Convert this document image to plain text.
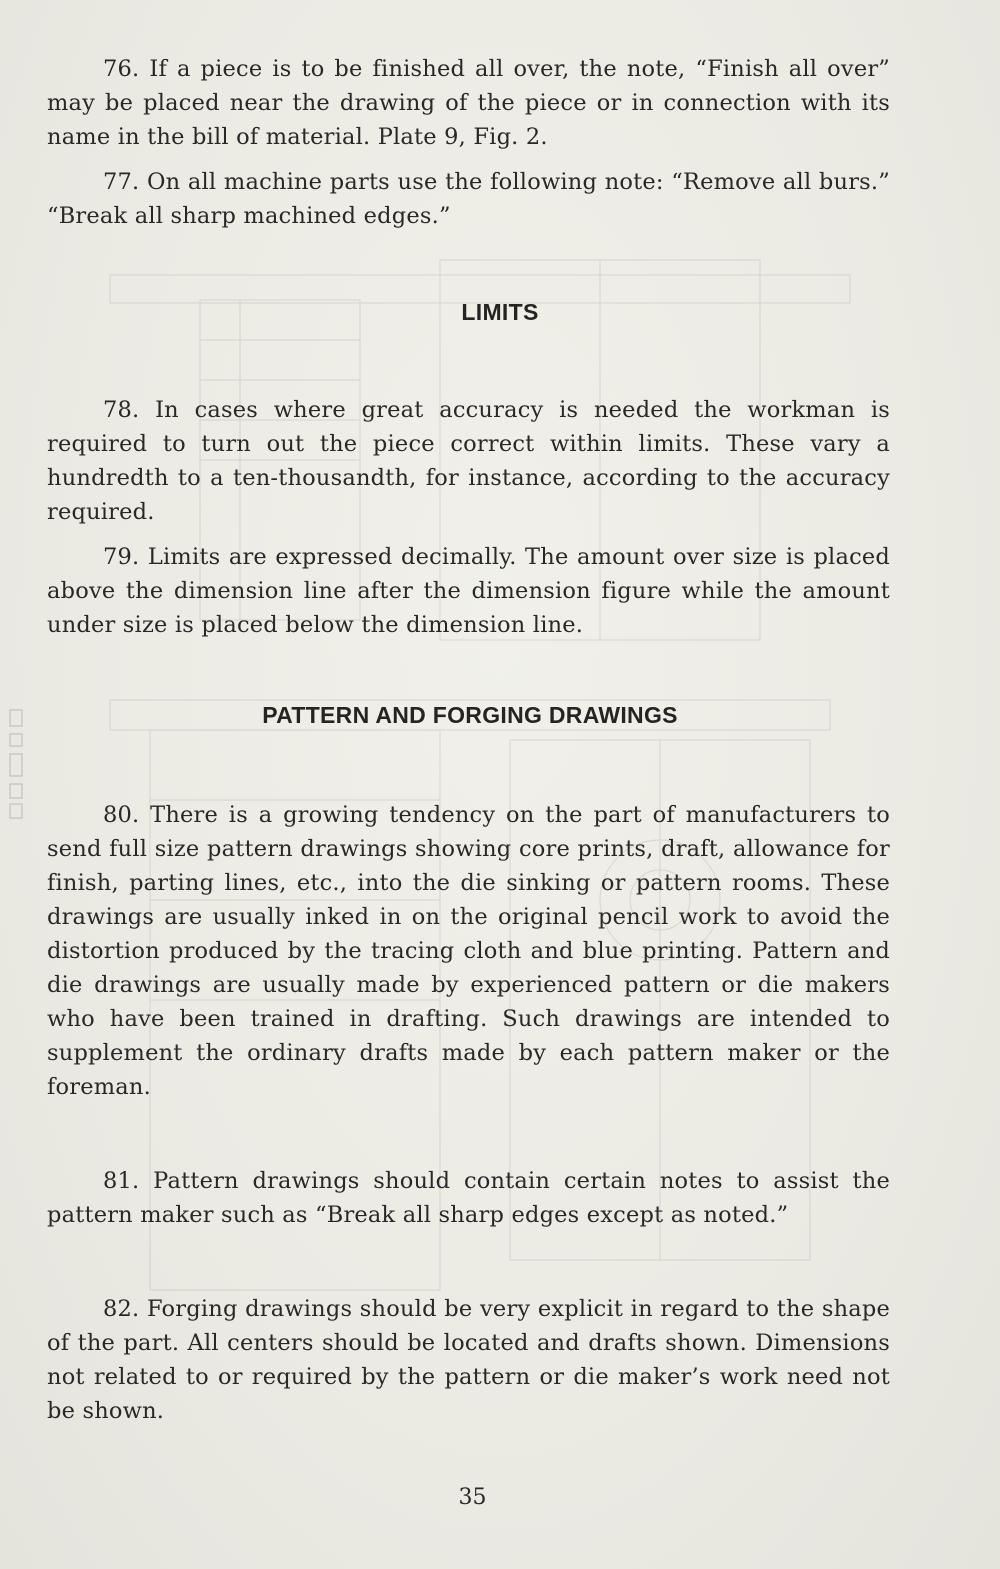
76. If a piece is to be finished all over, the note, “Finish all over” may be placed near the drawing of the piece or in connection with its name in the bill of material. Plate 9, Fig. 2.

77. On all machine parts use the following note: “Remove all burs.” “Break all sharp machined edges.”

LIMITS

78. In cases where great accuracy is needed the workman is required to turn out the piece correct within limits. These vary a hundredth to a ten-thousandth, for instance, according to the accuracy required.

79. Limits are expressed decimally. The amount over size is placed above the dimension line after the dimension figure while the amount under size is placed below the dimension line.

PATTERN AND FORGING DRAWINGS

80. There is a growing tendency on the part of manufacturers to send full size pattern drawings showing core prints, draft, allowance for finish, parting lines, etc., into the die sinking or pattern rooms. These drawings are usually inked in on the original pencil work to avoid the distortion produced by the tracing cloth and blue printing. Pattern and die drawings are usually made by experienced pattern or die makers who have been trained in drafting. Such drawings are intended to supplement the ordinary drafts made by each pattern maker or the foreman.

81. Pattern drawings should contain certain notes to assist the pattern maker such as “Break all sharp edges except as noted.”

82. Forging drawings should be very explicit in regard to the shape of the part. All centers should be located and drafts shown. Dimensions not related to or required by the pattern or die maker’s work need not be shown.

35
